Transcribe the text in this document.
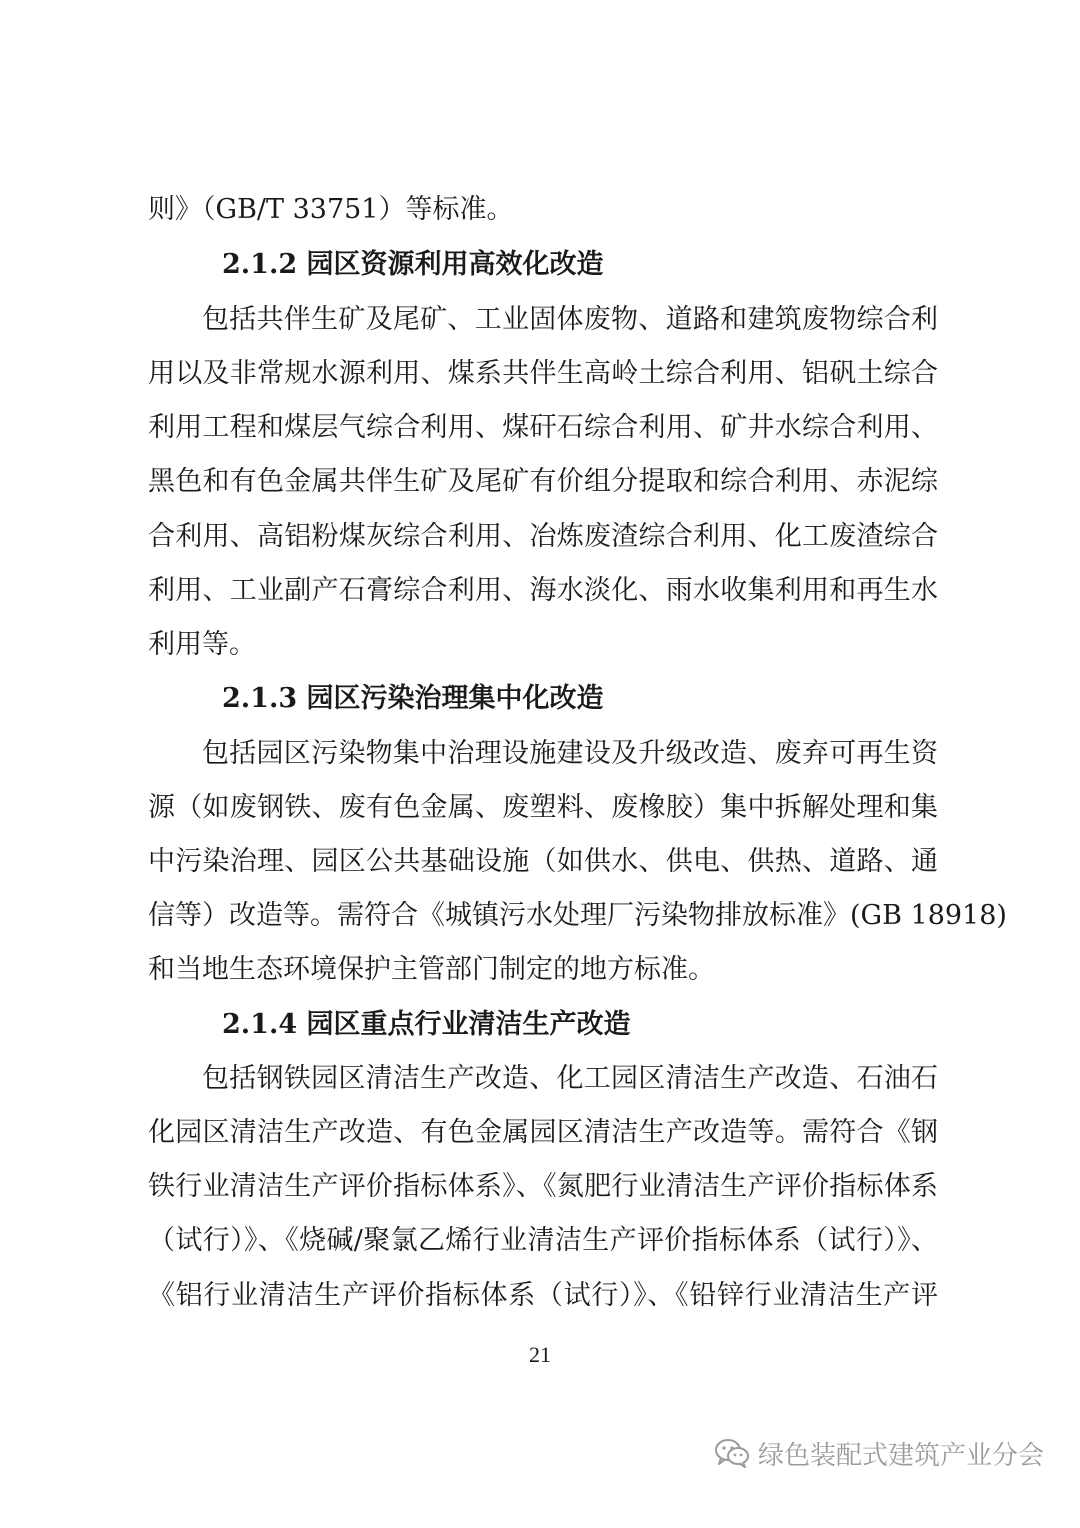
则》（GB/T 33751）等标准。
2.1.2 园区资源利用高效化改造
包括共伴生矿及尾矿、工业固体废物、道路和建筑废物综合利
用以及非常规水源利用、煤系共伴生高岭土综合利用、铝矾土综合
利用工程和煤层气综合利用、煤矸石综合利用、矿井水综合利用、
黑色和有色金属共伴生矿及尾矿有价组分提取和综合利用、赤泥综
合利用、高铝粉煤灰综合利用、冶炼废渣综合利用、化工废渣综合
利用、工业副产石膏综合利用、海水淡化、雨水收集利用和再生水
利用等。
2.1.3 园区污染治理集中化改造
包括园区污染物集中治理设施建设及升级改造、废弃可再生资
源（如废钢铁、废有色金属、废塑料、废橡胶）集中拆解处理和集
中污染治理、园区公共基础设施（如供水、供电、供热、道路、通
信等）改造等。需符合《城镇污水处理厂污染物排放标准》(GB 18918)
和当地生态环境保护主管部门制定的地方标准。
2.1.4 园区重点行业清洁生产改造
包括钢铁园区清洁生产改造、化工园区清洁生产改造、石油石
化园区清洁生产改造、有色金属园区清洁生产改造等。需符合《钢
铁行业清洁生产评价指标体系》、《氮肥行业清洁生产评价指标体系
（试行）》、《烧碱/聚氯乙烯行业清洁生产评价指标体系（试行）》、
《铝行业清洁生产评价指标体系（试行）》、《铅锌行业清洁生产评
21
绿色装配式建筑产业分会
